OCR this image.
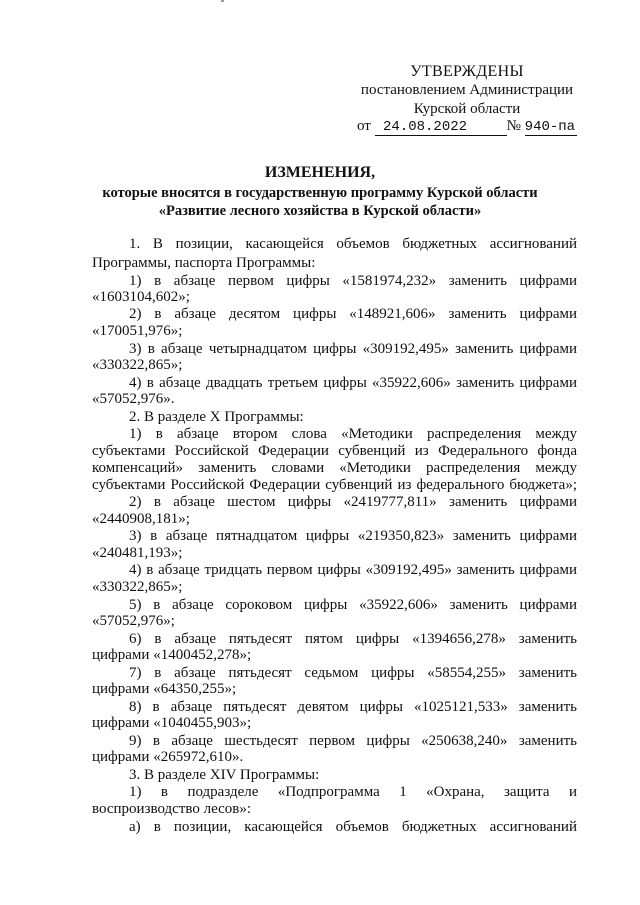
УТВЕРЖДЕНЫ
постановлением Администрации
Курской области
от 24.08.2022	№ 940-па
ИЗМЕНЕНИЯ,
которые вносятся в государственную программу Курской области
«Развитие лесного хозяйства в Курской области»
1. В позиции, касающейся объемов бюджетных ассигнований
Программы, паспорта Программы:
1) в абзаце первом цифры «1581974,232» заменить цифрами
«1603104,602»;
2) в абзаце десятом цифры «148921,606» заменить цифрами
«170051,976»;
3) в абзаце четырнадцатом цифры «309192,495» заменить цифрами
«330322,865»;
4) в абзаце двадцать третьем цифры «35922,606» заменить цифрами
«57052,976».
2. В разделе X Программы:
1) в абзаце втором слова «Методики распределения между
субъектами Российской Федерации субвенций из Федерального фонда
компенсаций» заменить словами «Методики распределения между
субъектами Российской Федерации субвенций из федерального бюджета»;
2) в абзаце шестом цифры «2419777,811» заменить цифрами
«2440908,181»;
3) в абзаце пятнадцатом цифры «219350,823» заменить цифрами
«240481,193»;
4) в абзаце тридцать первом цифры «309192,495» заменить цифрами
«330322,865»;
5) в абзаце сороковом цифры «35922,606» заменить цифрами
«57052,976»;
6) в абзаце пятьдесят пятом цифры «1394656,278» заменить
цифрами «1400452,278»;
7) в абзаце пятьдесят седьмом цифры «58554,255» заменить
цифрами «64350,255»;
8) в абзаце пятьдесят девятом цифры «1025121,533» заменить
цифрами «1040455,903»;
9) в абзаце шестьдесят первом цифры «250638,240» заменить
цифрами «265972,610».
3. В разделе XIV Программы:
1) в подразделе «Подпрограмма 1 «Охрана, защита и
воспроизводство лесов»:
а) в позиции, касающейся объемов бюджетных ассигнований
